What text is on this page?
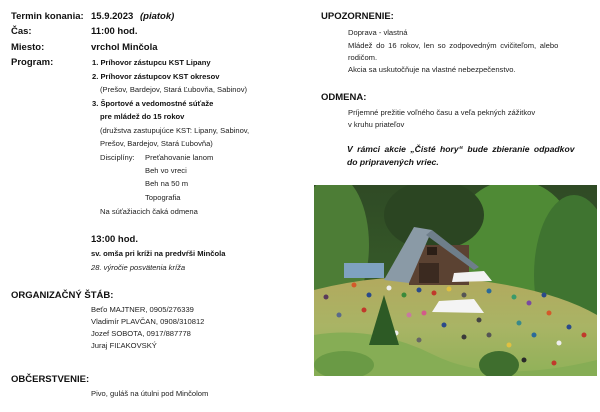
Termin konania: 15.9.2023 (piatok)
Čas:	11:00 hod.
Miesto:	vrchol Minčola
Program:	1. Príhovor zástupcu KST Lipany
2. Príhovor zástupcov KST okresov
(Prešov, Bardejov, Stará Ľubovňa, Sabinov)
3. Športové a vedomostné súťaže
pre mládež do 15 rokov
(družstva zastupujúce KST: Lipany, Sabinov,
Prešov, Bardejov, Stará Ľubovňa)
Disciplíny: Preťahovanie lanom
Beh vo vreci
Beh na 50 m
Topografia
Na súťažiacich čaká odmena
13:00 hod.
sv. omša pri kríži na predvŕši Minčola
28. výročie posvätenia kríža
ORGANIZAČNÝ ŠTÁB:
Beťo MAJTNER, 0905/276339
Vladimír PLAVČAN, 0908/310812
Jozef SOBOTA, 0917/887778
Juraj FIĽAKOVSKÝ
OBČERSTVENIE:
Pivo, guláš na útulni pod Minčolom
UPOZORNENIE:
Doprava - vlastná
Mládež do 16 rokov, len so zodpovedným cvičiteľom, alebo
rodičom.
Akcia sa uskutočňuje na vlastné nebezpečenstvo.
ODMENA:
Príjemné prežitie voľného času a veľa pekných zážitkov
v kruhu priateľov
V rámci akcie „Čisté hory“ bude zbieranie odpadkov
do pripravených vriec.
